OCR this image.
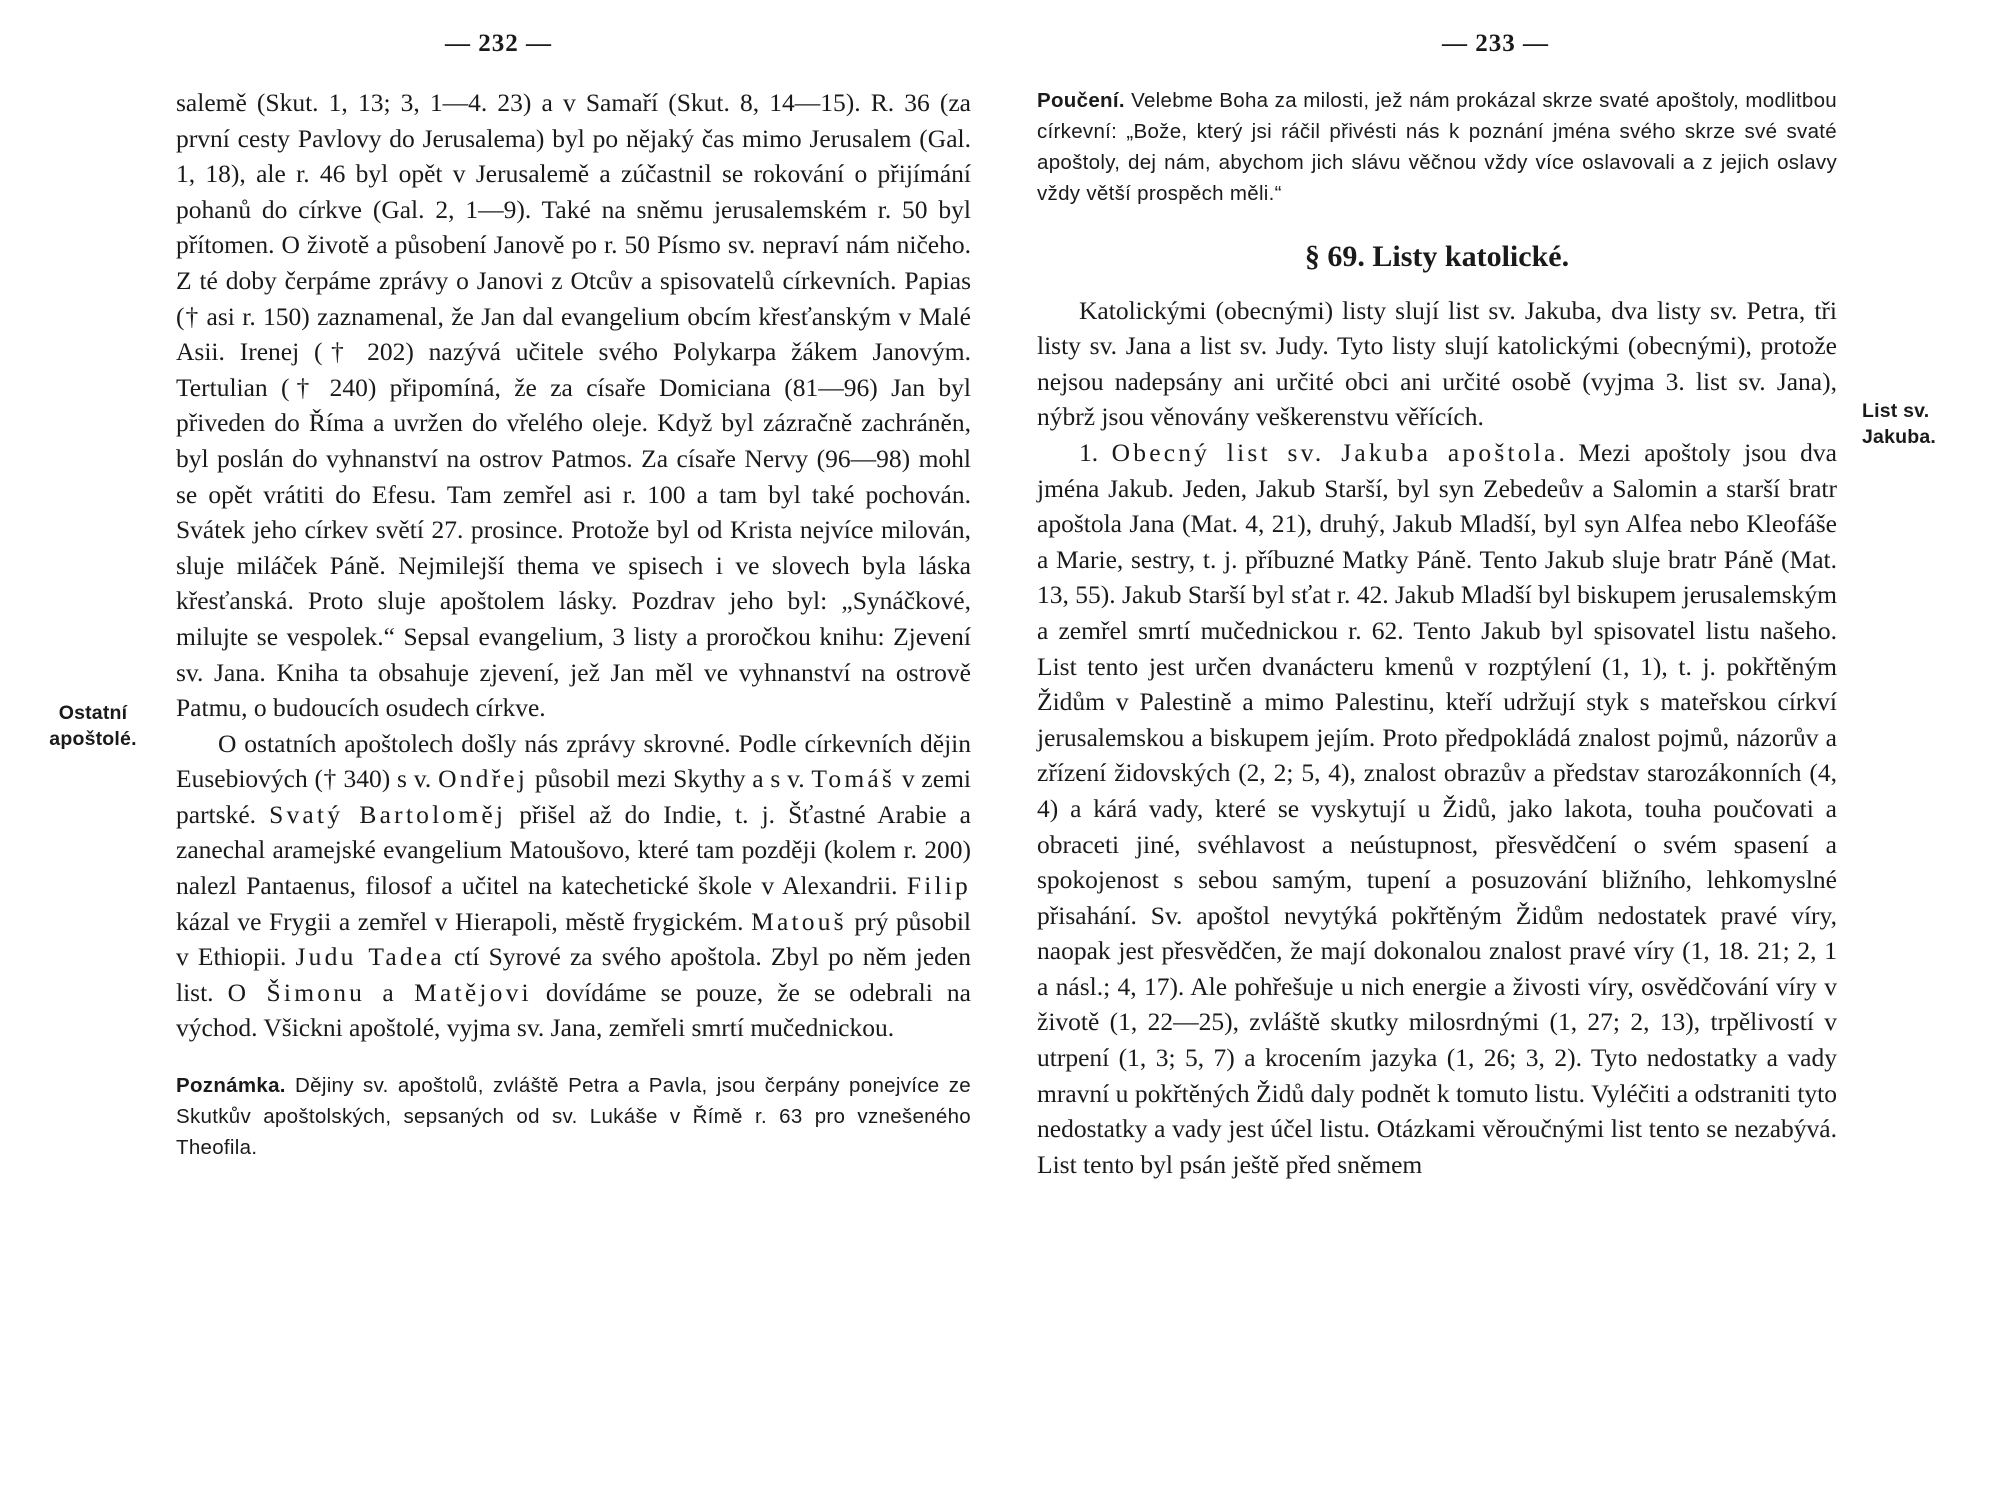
— 232 —
Ostatní apoštolé.

salemě (Skut. 1, 13; 3, 1—4. 23) a v Samaří (Skut. 8, 14—15). R. 36 (za první cesty Pavlovy do Jerusalema) byl po nějaký čas mimo Jerusalem (Gal. 1, 18), ale r. 46 byl opět v Jerusalemě a zúčastnil se rokování o přijímání pohanů do církve (Gal. 2, 1—9). Také na sněmu jerusalemském r. 50 byl přítomen. O životě a působení Janově po r. 50 Písmo sv. nepraví nám ničeho. Z té doby čerpáme zprávy o Janovi z Otcův a spisovatelů církevních. Papias († asi r. 150) zaznamenal, že Jan dal evangelium obcím křesťanským v Malé Asii. Irenej († 202) nazývá učitele svého Polykarpa žákem Janovým. Tertulian († 240) připomíná, že za císaře Domiciana (81—96) Jan byl přiveden do Říma a uvržen do vřelého oleje. Když byl zázračně zachráněn, byl poslán do vyhnanství na ostrov Patmos. Za císaře Nervy (96—98) mohl se opět vrátiti do Efesu. Tam zemřel asi r. 100 a tam byl také pochován. Svátek jeho církev světí 27. prosince. Protože byl od Krista nejvíce milován, sluje miláček Páně. Nejmilejší thema ve spisech i ve slovech byla láska křesťanská. Proto sluje apoštolem lásky. Pozdrav jeho byl: „Synáčkové, milujte se vespolek.“ Sepsal evangelium, 3 listy a proročkou knihu: Zjevení sv. Jana. Kniha ta obsahuje zjevení, jež Jan měl ve vyhnanství na ostrově Patmu, o budoucích osudech církve.

O ostatních apoštolech došly nás zprávy skrovné. Podle církevních dějin Eusebiových († 340) s v. Ondřej působil mezi Skythy a s v. Tomáš v zemi partské. Svatý Bartoloměj přišel až do Indie, t. j. Šťastné Arabie a zanechal aramejské evangelium Matoušovo, které tam později (kolem r. 200) nalezl Pantaenus, filosof a učitel na katechetické škole v Alexandrii. Filip kázal ve Frygii a zemřel v Hierapoli, městě frygickém. Matouš prý působil v Ethiopii. Judu Tadea ctí Syrové za svého apoštola. Zbyl po něm jeden list. O Šimonu a Matějovi dovídáme se pouze, že se odebrali na východ. Všickni apoštolé, vyjma sv. Jana, zemřeli smrtí mučednickou.

Poznámka. Dějiny sv. apoštolů, zvláště Petra a Pavla, jsou čerpány ponejvíce ze Skutkův apoštolských, sepsaných od sv. Lukáše v Římě r. 63 pro vznešeného Theofila.
— 233 —
List sv. Jakuba.
Poučení. Velebme Boha za milosti, jež nám prokázal skrze svaté apoštoly, modlitbou církevní: „Bože, který jsi ráčil přivésti nás k poznání jména svého skrze své svaté apoštoly, dej nám, abychom jich slávu věčnou vždy více oslavovali a z jejich oslavy vždy větší prospěch měli.“
§ 69. Listy katolické.

Katolickými (obecnými) listy slují list sv. Jakuba, dva listy sv. Petra, tři listy sv. Jana a list sv. Judy. Tyto listy slují katolickými (obecnými), protože nejsou nadepsány ani určité obci ani určité osobě (vyjma 3. list sv. Jana), nýbrž jsou věnovány veškerenstvu věřících.

1. Obecný list sv. Jakuba apoštola. Mezi apoštoly jsou dva jména Jakub. Jeden, Jakub Starší, byl syn Zebedeův a Salomin a starší bratr apoštola Jana (Mat. 4, 21), druhý, Jakub Mladší, byl syn Alfea nebo Kleofáše a Marie, sestry, t. j. příbuzné Matky Páně. Tento Jakub sluje bratr Páně (Mat. 13, 55). Jakub Starší byl sťat r. 42. Jakub Mladší byl biskupem jerusalemským a zemřel smrtí mučednickou r. 62. Tento Jakub byl spisovatel listu našeho. List tento jest určen dvanácteru kmenů v rozptýlení (1, 1), t. j. pokřtěným Židům v Palestině a mimo Palestinu, kteří udržují styk s mateřskou církví jerusalemskou a biskupem jejím. Proto předpokládá znalost pojmů, názorův a zřízení židovských (2, 2; 5, 4), znalost obrazův a představ starozákonních (4, 4) a kárá vady, které se vyskytují u Židů, jako lakota, touha poučovati a obraceti jiné, svéhlavost a neústupnost, přesvědčení o svém spasení a spokojenost s sebou samým, tupení a posuzování bližního, lehkomyslné přisahání. Sv. apoštol nevytýká pokřtěným Židům nedostatek pravé víry, naopak jest přesvědčen, že mají dokonalou znalost pravé víry (1, 18. 21; 2, 1 a násl.; 4, 17). Ale pohřešuje u nich energie a živosti víry, osvědčování víry v životě (1, 22—25), zvláště skutky milosrdnými (1, 27; 2, 13), trpělivostí v utrpení (1, 3; 5, 7) a krocením jazyka (1, 26; 3, 2). Tyto nedostatky a vady mravní u pokřtěných Židů daly podnět k tomuto listu. Vyléčiti a odstraniti tyto nedostatky a vady jest účel listu. Otázkami věroučnými list tento se nezabývá. List tento byl psán ještě před sněmem
